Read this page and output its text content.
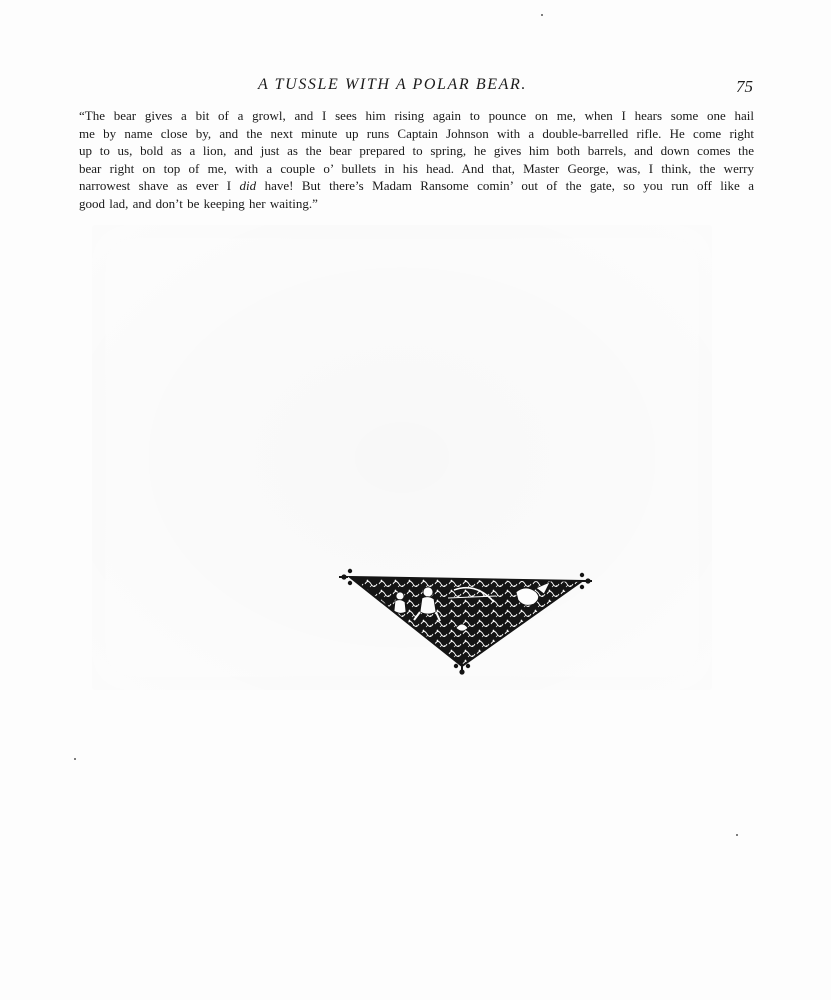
A TUSSLE WITH A POLAR BEAR.	75
“The bear gives a bit of a growl, and I sees him rising again to pounce on me, when I hears some one hail
me by name close by, and the next minute up runs Captain Johnson with a double-barrelled rifle. He come right
up to us, bold as a lion, and just as the bear prepared to spring, he gives him both barrels, and down comes the
bear right on top of me, with a couple o’ bullets in his head. And that, Master George, was, I think, the werry
narrowest shave as ever I did have! But there’s Madam Ransome comin’ out of the gate, so you run off like a
good lad, and don’t be keeping her waiting.”
